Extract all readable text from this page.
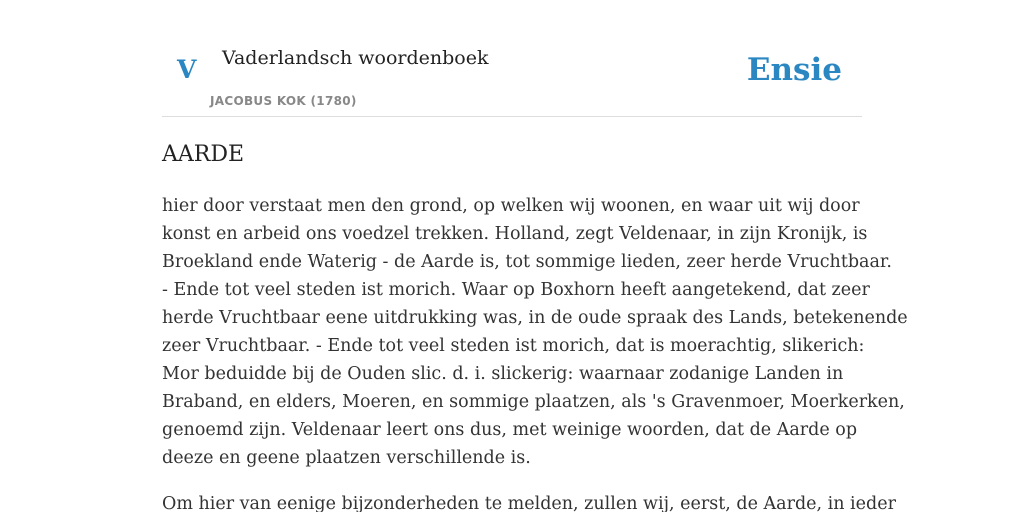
V Vaderlandsch woordenboek
JACOBUS KOK (1780)
Ensie
AARDE
hier door verstaat men den grond, op welken wij woonen, en waar uit wij door
konst en arbeid ons voedzel trekken. Holland, zegt Veldenaar, in zijn Kronijk, is
Broekland ende Waterig - de Aarde is, tot sommige lieden, zeer herde Vruchtbaar.
- Ende tot veel steden ist morich. Waar op Boxhorn heeft aangetekend, dat zeer
herde Vruchtbaar eene uitdrukking was, in de oude spraak des Lands, betekenende
zeer Vruchtbaar. - Ende tot veel steden ist morich, dat is moerachtig, slikerich:
Mor beduidde bij de Ouden slic. d. i. slickerig: waarnaar zodanige Landen in
Braband, en elders, Moeren, en sommige plaatzen, als 's Gravenmoer, Moerkerken,
genoemd zijn. Veldenaar leert ons dus, met weinige woorden, dat de Aarde op
deeze en geene plaatzen verschillende is.
Om hier van eenige bijzonderheden te melden, zullen wij, eerst, de Aarde, in ieder
